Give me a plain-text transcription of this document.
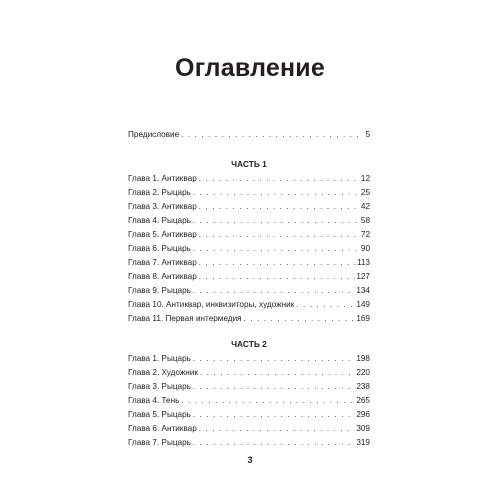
Оглавление
Предисловие . . .	5
ЧАСТЬ 1
Глава 1. Антиквар . . .	12
Глава 2. Рыцарь . . .	25
Глава 3. Антиквар . . .	42
Глава 4. Рыцарь . . .	58
Глава 5. Антиквар . . .	72
Глава 6. Рыцарь . . .	90
Глава 7. Антиквар . . .	113
Глава 8. Антиквар . . .	127
Глава 9. Рыцарь . . .	134
Глава 10. Антиквар, инквизиторы, художник . . .	149
Глава 11. Первая интермедия . . .	169
ЧАСТЬ 2
Глава 1. Рыцарь . . .	198
Глава 2. Художник . . .	220
Глава 3. Рыцарь . . .	238
Глава 4. Тень . . .	265
Глава 5. Рыцарь . . .	296
Глава 6. Антиквар . . .	309
Глава 7. Рыцарь . . .	319
3
